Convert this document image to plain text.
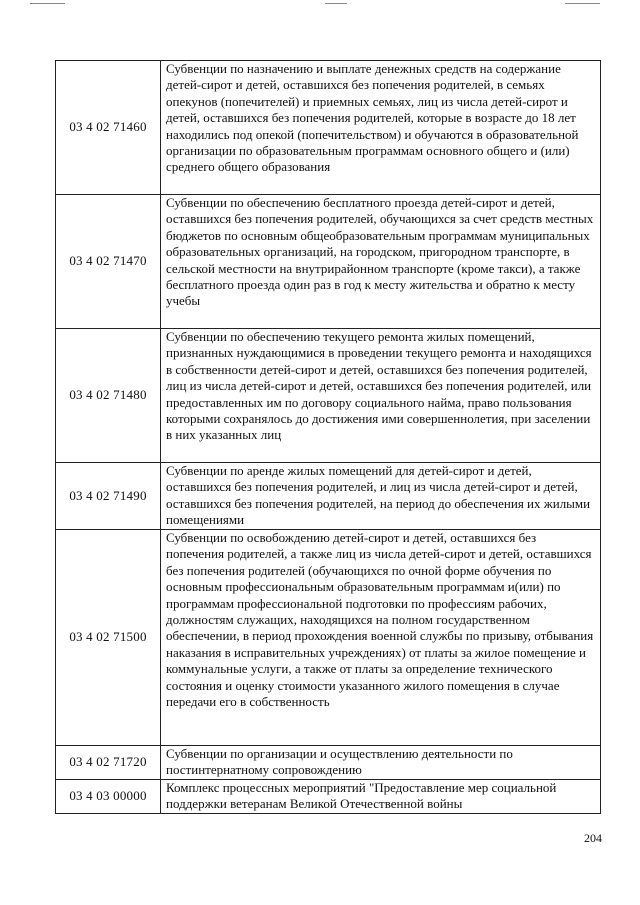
03 4 02 71460	Субвенции по назначению и выплате денежных средств на содержание детей-сирот и детей, оставшихся без попечения родителей, в семьях опекунов (попечителей) и приемных семьях, лиц из числа детей-сирот и детей, оставшихся без попечения родителей, которые в возрасте до 18 лет находились под опекой (попечительством) и обучаются в образовательной организации по образовательным программам основного общего и (или) среднего общего образования
03 4 02 71470	Субвенции по обеспечению бесплатного проезда детей-сирот и детей, оставшихся без попечения родителей, обучающихся за счет средств местных бюджетов по основным общеобразовательным программам муниципальных образовательных организаций, на городском, пригородном транспорте, в сельской местности на внутрирайонном транспорте (кроме такси), а также бесплатного проезда один раз в год к месту жительства и обратно к месту учебы
03 4 02 71480	Субвенции по обеспечению текущего ремонта жилых помещений, признанных нуждающимися в проведении текущего ремонта и находящихся в собственности детей-сирот и детей, оставшихся без попечения родителей, лиц из числа детей-сирот и детей, оставшихся без попечения родителей, или предоставленных им по договору социального найма, право пользования которыми сохранялось до достижения ими совершеннолетия, при заселении в них указанных лиц
03 4 02 71490	Субвенции по аренде жилых помещений для детей-сирот и детей, оставшихся без попечения родителей, и лиц из числа детей-сирот и детей, оставшихся без попечения родителей, на период до обеспечения их жилыми помещениями
03 4 02 71500	Субвенции по освобождению детей-сирот и детей, оставшихся без попечения родителей, а также лиц из числа детей-сирот и детей, оставшихся без попечения родителей (обучающихся по очной форме обучения по основным профессиональным образовательным программам и(или) по программам профессиональной подготовки по профессиям рабочих, должностям служащих, находящихся на полном государственном обеспечении, в период прохождения военной службы по призыву, отбывания наказания в исправительных учреждениях) от платы за жилое помещение и коммунальные услуги, а также от платы за определение технического состояния и оценку стоимости указанного жилого помещения в случае передачи его в собственность
03 4 02 71720	Субвенции по организации и осуществлению деятельности по постинтернатному сопровождению
03 4 03 00000	Комплекс процессных мероприятий "Предоставление мер социальной поддержки ветеранам Великой Отечественной войны
204
